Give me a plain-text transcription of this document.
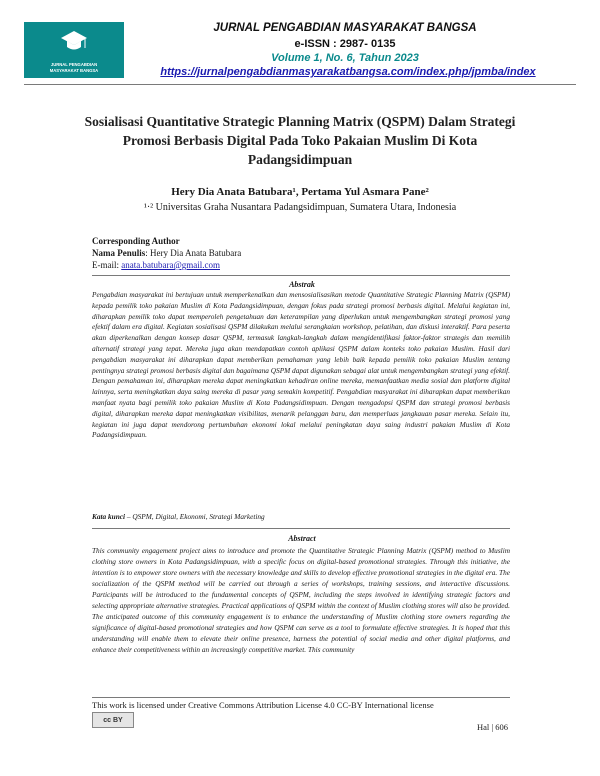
JURNAL PENGABDIAN
MASYARAKAT BANGSA
JURNAL PENGABDIAN MASYARAKAT BANGSA
e-ISSN : 2987- 0135
Volume 1, No. 6, Tahun 2023
https://jurnalpengabdianmasyarakatbangsa.com/index.php/jpmba/index
Sosialisasi Quantitative Strategic Planning Matrix (QSPM) Dalam Strategi Promosi Berbasis Digital Pada Toko Pakaian Muslim Di Kota Padangsidimpuan
Hery Dia Anata Batubara¹, Pertama Yul Asmara Pane²
¹·² Universitas Graha Nusantara Padangsidimpuan, Sumatera Utara, Indonesia
Corresponding Author
Nama Penulis: Hery Dia Anata Batubara
E-mail: anata.batubara@gmail.com
Abstrak
Pengabdian masyarakat ini bertujuan untuk memperkenalkan dan mensosialisasikan metode Quantitative Strategic Planning Matrix (QSPM) kepada pemilik toko pakaian Muslim di Kota Padangsidimpuan, dengan fokus pada strategi promosi berbasis digital. Melalui kegiatan ini, diharapkan pemilik toko dapat memperoleh pengetahuan dan keterampilan yang diperlukan untuk mengembangkan strategi promosi yang efektif dalam era digital. Kegiatan sosialisasi QSPM dilakukan melalui serangkaian workshop, pelatihan, dan diskusi interaktif. Para peserta akan diperkenalkan dengan konsep dasar QSPM, termasuk langkah-langkah dalam mengidentifikasi faktor-faktor strategis dan memilih alternatif strategi yang tepat. Mereka juga akan mendapatkan contoh aplikasi QSPM dalam konteks toko pakaian Muslim. Hasil dari pengabdian masyarakat ini diharapkan dapat memberikan pemahaman yang lebih baik kepada pemilik toko pakaian Muslim tentang pentingnya strategi promosi berbasis digital dan bagaimana QSPM dapat digunakan sebagai alat untuk mengembangkan strategi yang efektif. Dengan pemahaman ini, diharapkan mereka dapat meningkatkan kehadiran online mereka, memanfaatkan media sosial dan platform digital lainnya, serta meningkatkan daya saing mereka di pasar yang semakin kompetitif. Pengabdian masyarakat ini diharapkan dapat memberikan manfaat nyata bagi pemilik toko pakaian Muslim di Kota Padangsidimpuan. Dengan mengadopsi QSPM dan strategi promosi berbasis digital, diharapkan mereka dapat meningkatkan visibilitas, menarik pelanggan baru, dan memperluas jangkauan pasar mereka. Selain itu, kegiatan ini juga dapat mendorong pertumbuhan ekonomi lokal melalui peningkatan daya saing industri pakaian Muslim di Kota Padangsidimpuan.
Kata kunci – QSPM, Digital, Ekonomi, Strategi Marketing
Abstract
This community engagement project aims to introduce and promote the Quantitative Strategic Planning Matrix (QSPM) method to Muslim clothing store owners in Kota Padangsidimpuan, with a specific focus on digital-based promotional strategies. Through this initiative, the intention is to empower store owners with the necessary knowledge and skills to develop effective promotional strategies in the digital era. The socialization of the QSPM method will be carried out through a series of workshops, training sessions, and interactive discussions. Participants will be introduced to the fundamental concepts of QSPM, including the steps involved in identifying strategic factors and selecting appropriate alternative strategies. Practical applications of QSPM within the context of Muslim clothing stores will also be provided. The anticipated outcome of this community engagement is to enhance the understanding of Muslim clothing store owners regarding the significance of digital-based promotional strategies and how QSPM can serve as a tool to formulate effective strategies. It is hoped that this understanding will enable them to elevate their online presence, harness the potential of social media and other digital platforms, and enhance their competitiveness within an increasingly competitive market. This community
This work is licensed under Creative Commons Attribution License 4.0 CC-BY International license
cc BY
Hal | 606
